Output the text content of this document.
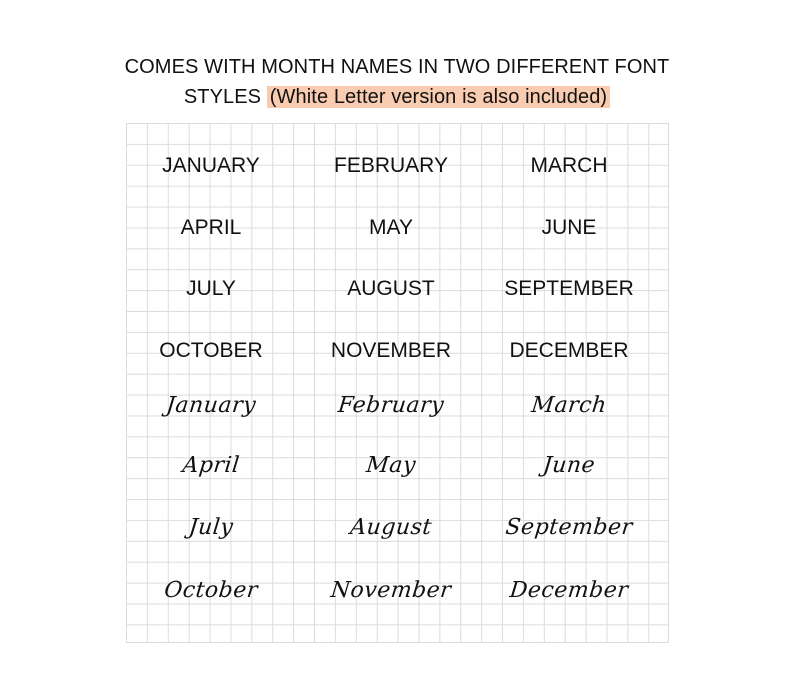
COMES WITH MONTH NAMES IN TWO DIFFERENT FONT
STYLES (White Letter version is also included)
JANUARY	FEBRUARY	MARCH
APRIL	MAY	JUNE
JULY	AUGUST	SEPTEMBER
OCTOBER	NOVEMBER	DECEMBER
January	February	March
April	May	June
July	August	September
October	November	December
